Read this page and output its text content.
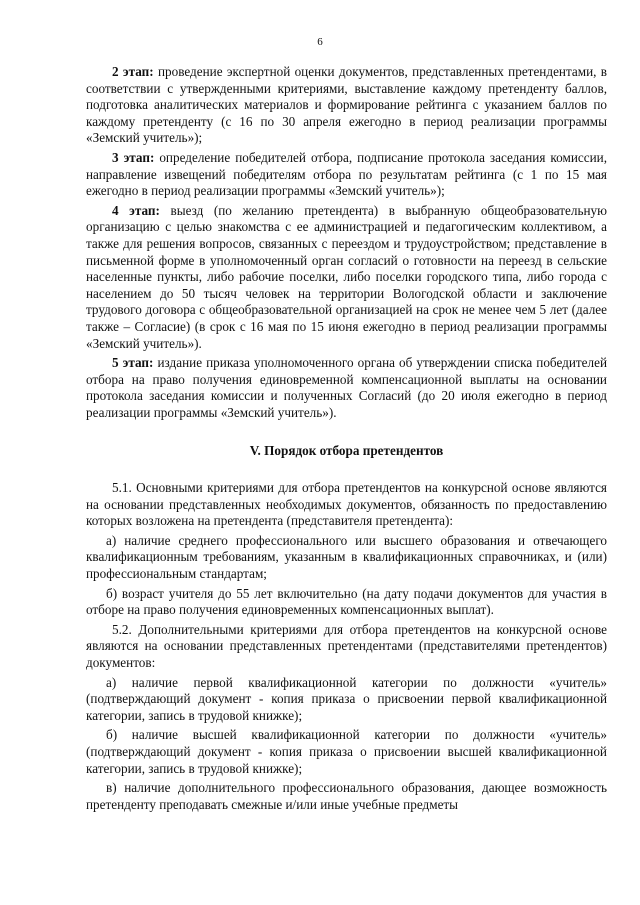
6

2 этап: проведение экспертной оценки документов, представленных претендентами, в соответствии с утвержденными критериями, выставление каждому претенденту баллов, подготовка аналитических материалов и формирование рейтинга с указанием баллов по каждому претенденту (с 16 по 30 апреля ежегодно в период реализации программы «Земский учитель»);

3 этап: определение победителей отбора, подписание протокола заседания комиссии, направление извещений победителям отбора по результатам рейтинга (с 1 по 15 мая ежегодно в период реализации программы «Земский учитель»);

4 этап: выезд (по желанию претендента) в выбранную общеобразовательную организацию с целью знакомства с ее администрацией и педагогическим коллективом, а также для решения вопросов, связанных с переездом и трудоустройством; представление в письменной форме в уполномоченный орган согласий о готовности на переезд в сельские населенные пункты, либо рабочие поселки, либо поселки городского типа, либо города с населением до 50 тысяч человек на территории Вологодской области и заключение трудового договора с общеобразовательной организацией на срок не менее чем 5 лет (далее также – Согласие) (в срок с 16 мая по 15 июня ежегодно в период реализации программы «Земский учитель»).

5 этап: издание приказа уполномоченного органа об утверждении списка победителей отбора на право получения единовременной компенсационной выплаты на основании протокола заседания комиссии и полученных Согласий (до 20 июля ежегодно в период реализации программы «Земский учитель»).

V. Порядок отбора претендентов

5.1. Основными критериями для отбора претендентов на конкурсной основе являются на основании представленных необходимых документов, обязанность по предоставлению которых возложена на претендента (представителя претендента):

а) наличие среднего профессионального или высшего образования и отвечающего квалификационным требованиям, указанным в квалификационных справочниках, и (или) профессиональным стандартам;

б) возраст учителя до 55 лет включительно (на дату подачи документов для участия в отборе на право получения единовременных компенсационных выплат).

5.2. Дополнительными критериями для отбора претендентов на конкурсной основе являются на основании представленных претендентами (представителями претендентов) документов:

а) наличие первой квалификационной категории по должности «учитель» (подтверждающий документ - копия приказа о присвоении первой квалификационной категории, запись в трудовой книжке);

б) наличие высшей квалификационной категории по должности «учитель» (подтверждающий документ - копия приказа о присвоении высшей квалификационной категории, запись в трудовой книжке);

в) наличие дополнительного профессионального образования, дающее возможность претенденту преподавать смежные и/или иные учебные предметы
